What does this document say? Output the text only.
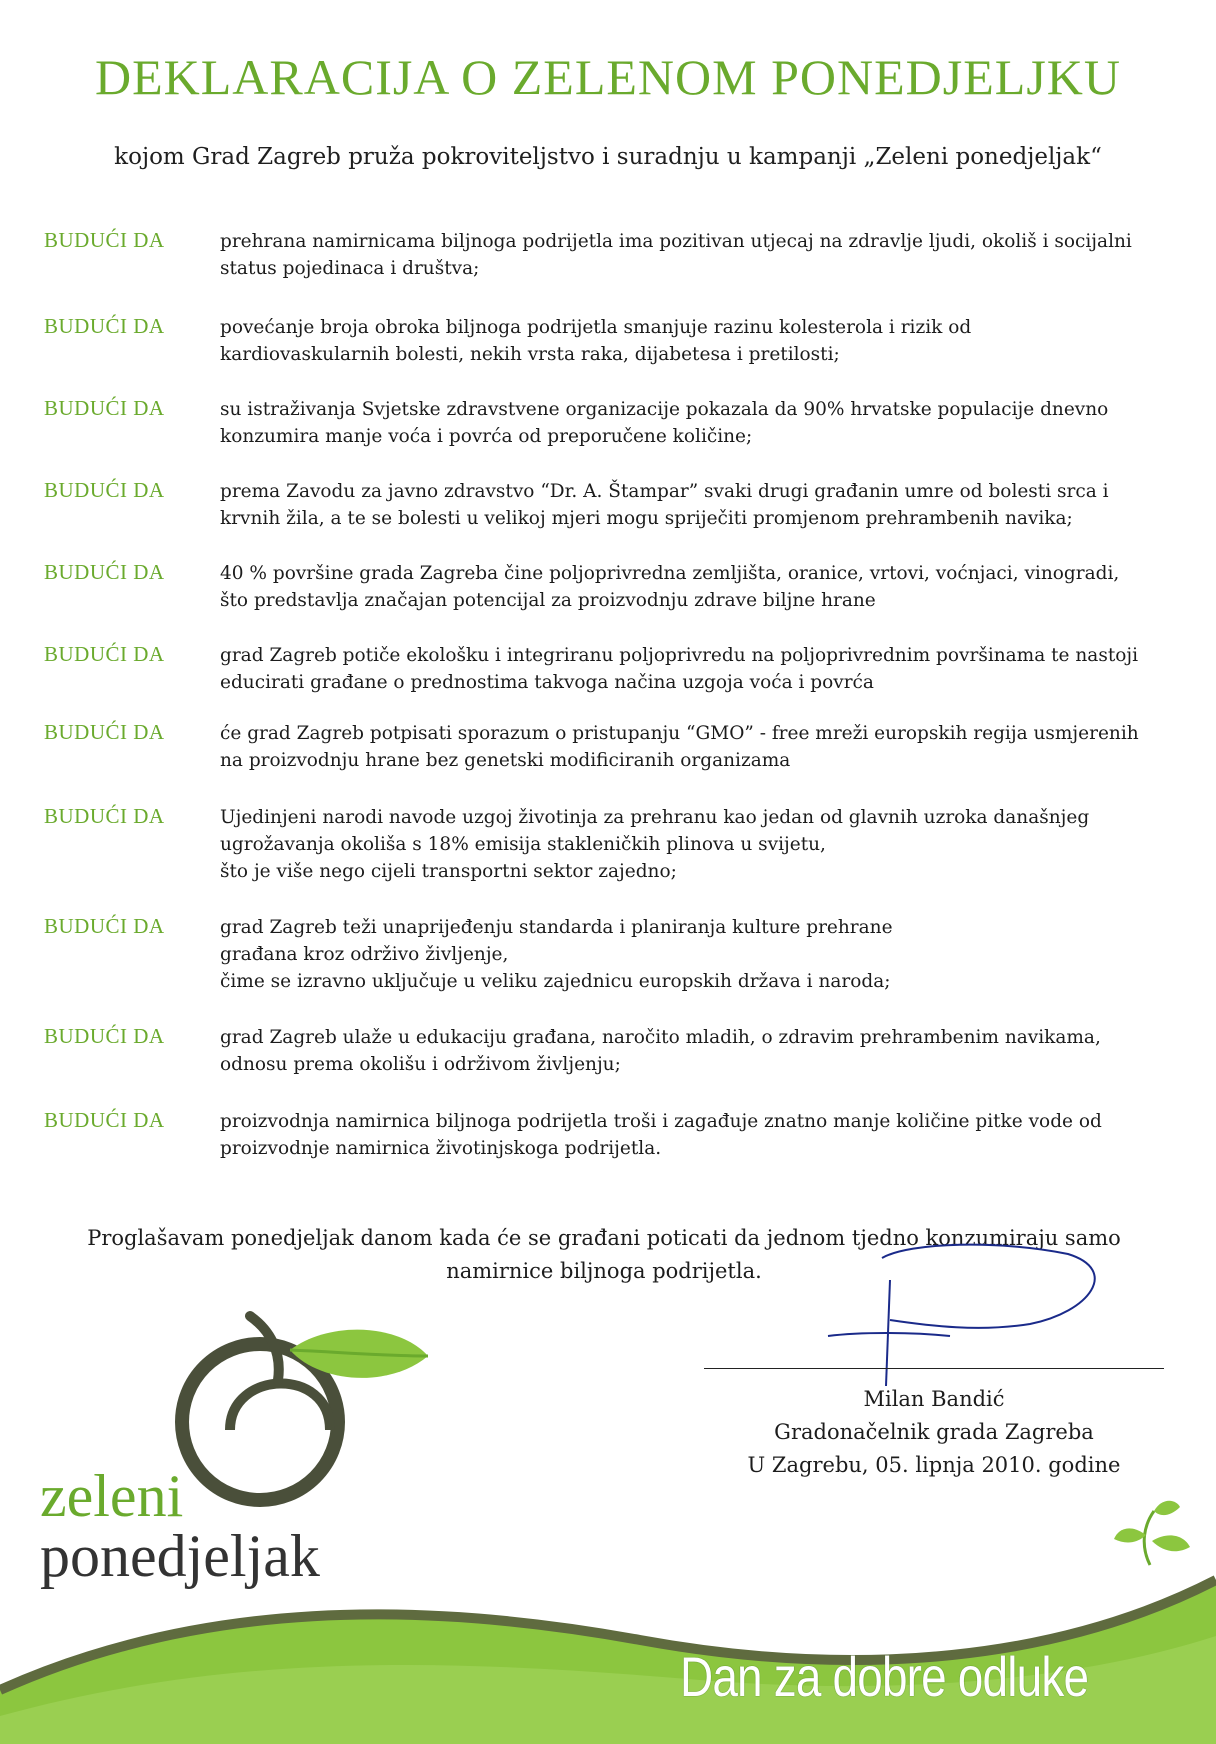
DEKLARACIJA O ZELENOM PONEDJELJKU

kojom Grad Zagreb pruža pokroviteljstvo i suradnju u kampanji „Zeleni ponedjeljak“

BUDUĆI DA	prehrana namirnicama biljnoga podrijetla ima pozitivan utjecaj na zdravlje ljudi, okoliš i socijalni status pojedinaca i društva;
BUDUĆI DA	povećanje broja obroka biljnoga podrijetla smanjuje razinu kolesterola i rizik od kardiovaskularnih bolesti, nekih vrsta raka, dijabetesa i pretilosti;
BUDUĆI DA	su istraživanja Svjetske zdravstvene organizacije pokazala da 90% hrvatske populacije dnevno konzumira manje voća i povrća od preporučene količine;
BUDUĆI DA	prema Zavodu za javno zdravstvo “Dr. A. Štampar” svaki drugi građanin umre od bolesti srca i krvnih žila, a te se bolesti u velikoj mjeri mogu spriječiti promjenom prehrambenih navika;
BUDUĆI DA	40 % površine grada Zagreba čine poljoprivredna zemljišta, oranice, vrtovi, voćnjaci, vinogradi, što predstavlja značajan potencijal za proizvodnju zdrave biljne hrane
BUDUĆI DA	grad Zagreb potiče ekološku i integriranu poljoprivredu na poljoprivrednim površinama te nastoji educirati građane o prednostima takvoga načina uzgoja voća i povrća
BUDUĆI DA	će grad Zagreb potpisati sporazum o pristupanju “GMO” - free mreži europskih regija usmjerenih na proizvodnju hrane bez genetski modificiranih organizama
BUDUĆI DA	Ujedinjeni narodi navode uzgoj životinja za prehranu kao jedan od glavnih uzroka današnjeg ugrožavanja okoliša s 18% emisija stakleničkih plinova u svijetu,
što je više nego cijeli transportni sektor zajedno;
BUDUĆI DA	grad Zagreb teži unaprijeđenju standarda i planiranja kulture prehrane
građana kroz održivo življenje,
čime se izravno uključuje u veliku zajednicu europskih država i naroda;
BUDUĆI DA	grad Zagreb ulaže u edukaciju građana, naročito mladih, o zdravim prehrambenim navikama, odnosu prema okolišu i održivom življenju;
BUDUĆI DA	proizvodnja namirnica biljnoga podrijetla troši i zagađuje znatno manje količine pitke vode od proizvodnje namirnica životinjskoga podrijetla.

Proglašavam ponedjeljak danom kada će se građani poticati da jednom tjedno konzumiraju samo namirnice biljnoga podrijetla.

Milan Bandić
Gradonačelnik grada Zagreba
U Zagrebu, 05. lipnja 2010. godine
zeleni
ponedjeljak
Dan za dobre odluke
